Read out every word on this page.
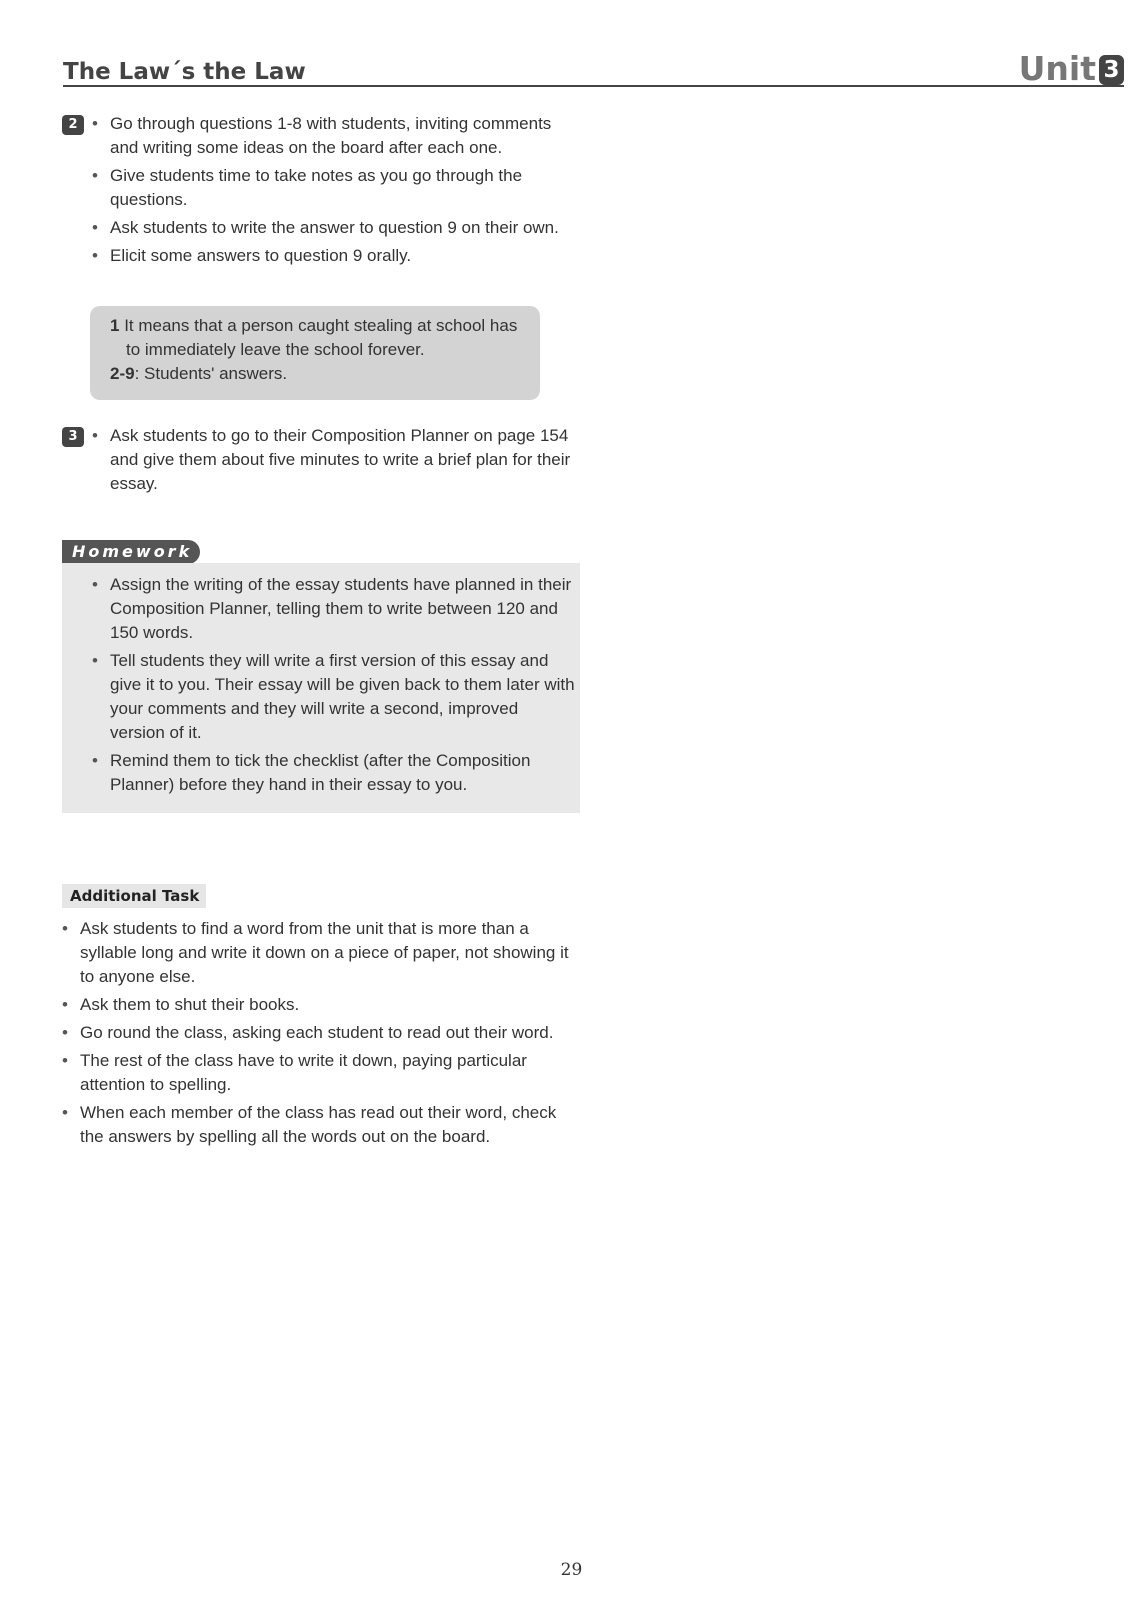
The Law´s the Law	Unit 3
2	• Go through questions 1-8 with students, inviting comments and writing some ideas on the board after each one.
• Give students time to take notes as you go through the questions.
• Ask students to write the answer to question 9 on their own.
• Elicit some answers to question 9 orally.
1 It means that a person caught stealing at school has
to immediately leave the school forever.
2-9: Students' answers.
3	• Ask students to go to their Composition Planner on page 154 and give them about five minutes to write a brief plan for their essay.
Homework
• Assign the writing of the essay students have planned in their Composition Planner, telling them to write between 120 and 150 words.
• Tell students they will write a first version of this essay and give it to you. Their essay will be given back to them later with your comments and they will write a second, improved version of it.
• Remind them to tick the checklist (after the Composition Planner) before they hand in their essay to you.
Additional Task
• Ask students to find a word from the unit that is more than a syllable long and write it down on a piece of paper, not showing it to anyone else.
• Ask them to shut their books.
• Go round the class, asking each student to read out their word.
• The rest of the class have to write it down, paying particular attention to spelling.
• When each member of the class has read out their word, check the answers by spelling all the words out on the board.
29
